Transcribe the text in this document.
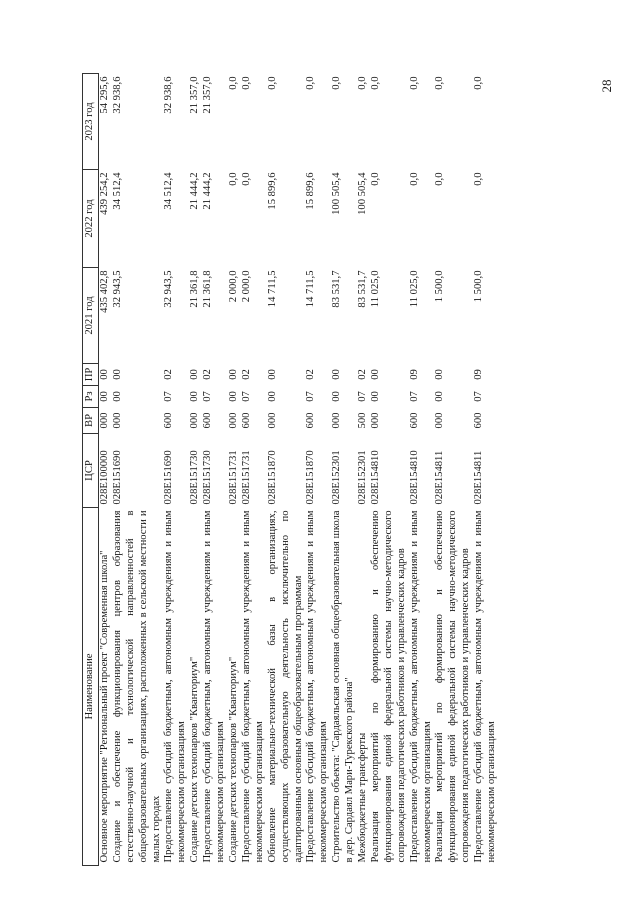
28
Наименование	ЦСР	ВР	Рз	ПР	2021 год	2022 год	2023 год
Основное мероприятие "Региональный проект "Современная школа"	028E100000	000	00	00	435 402,8	439 254,2	54 295,6
Создание и обеспечение функционирования центров образования естественно-научной и технологической направленностей в общеобразовательных организациях, расположенных в сельской местности и малых городах	028E151690	000	00	00	32 943,5	34 512,4	32 938,6
Предоставление субсидий бюджетным, автономным учреждениям и иным некоммерческим организациям	028E151690	600	07	02	32 943,5	34 512,4	32 938,6
Создание детских технопарков "Кванториум"	028E151730	000	00	00	21 361,8	21 444,2	21 357,0
Предоставление субсидий бюджетным, автономным учреждениям и иным некоммерческим организациям	028E151730	600	07	02	21 361,8	21 444,2	21 357,0
Создание детских технопарков "Кванториум"	028E151731	000	00	00	2 000,0	0,0	0,0
Предоставление субсидий бюджетным, автономным учреждениям и иным некоммерческим организациям	028E151731	600	07	02	2 000,0	0,0	0,0
Обновление материально-технической базы в организациях, осуществляющих образовательную деятельность исключительно по адаптированным основным общеобразовательным программам	028E151870	000	00	00	14 711,5	15 899,6	0,0
Предоставление субсидий бюджетным, автономным учреждениям и иным некоммерческим организациям	028E151870	600	07	02	14 711,5	15 899,6	0,0
Строительство объекта: "Сардаяльская основная общеобразовательная школа в дер. Сардаял Мари-Турекского района"	028E152301	000	00	00	83 531,7	100 505,4	0,0
Межбюджетные трансферты	028E152301	500	07	02	83 531,7	100 505,4	0,0
Реализация мероприятий по формированию и обеспечению функционирования единой федеральной системы научно-методического сопровождения педагогических работников и управленческих кадров	028E154810	000	00	00	11 025,0	0,0	0,0
Предоставление субсидий бюджетным, автономным учреждениям и иным некоммерческим организациям	028E154810	600	07	09	11 025,0	0,0	0,0
Реализация мероприятий по формированию и обеспечению функционирования единой федеральной системы научно-методического сопровождения педагогических работников и управленческих кадров	028E154811	000	00	00	1 500,0	0,0	0,0
Предоставление субсидий бюджетным, автономным учреждениям и иным некоммерческим организациям	028E154811	600	07	09	1 500,0	0,0	0,0
